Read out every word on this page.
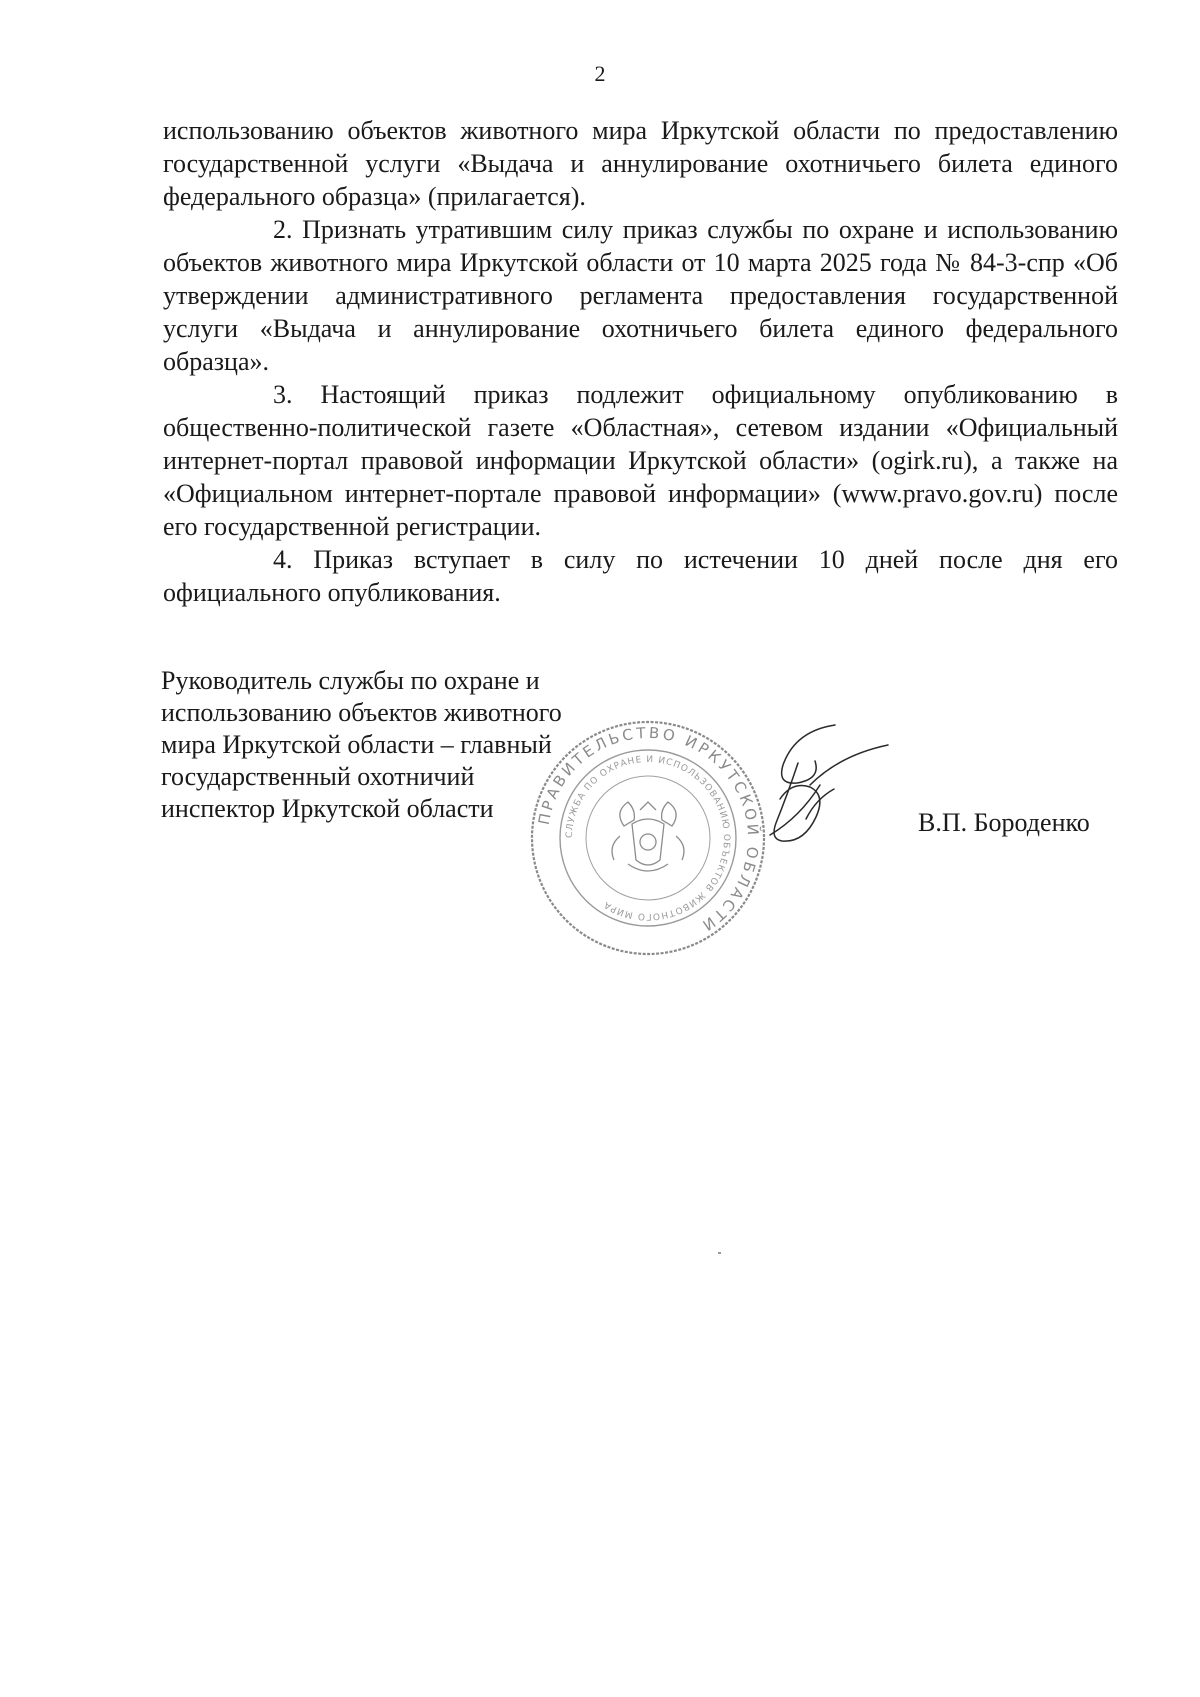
2

использованию объектов животного мира Иркутской области по предоставлению государственной услуги «Выдача и аннулирование охотничьего билета единого федерального образца» (прилагается).

2. Признать утратившим силу приказ службы по охране и использованию объектов животного мира Иркутской области от 10 марта 2025 года № 84-3-спр «Об утверждении административного регламента предоставления государственной услуги «Выдача и аннулирование охотничьего билета единого федерального образца».

3. Настоящий приказ подлежит официальному опубликованию в общественно-политической газете «Областная», сетевом издании «Официальный интернет-портал правовой информации Иркутской области» (ogirk.ru), а также на «Официальном интернет-портале правовой информации» (www.pravo.gov.ru) после его государственной регистрации.

4. Приказ вступает в силу по истечении 10 дней после дня его официального опубликования.

Руководитель службы по охране и
использованию объектов животного
мира Иркутской области – главный
государственный охотничий
инспектор Иркутской области	В.П. Бороденко
ПРАВИТЕЛЬСТВО ИРКУТСКОЙ ОБЛАСТИ
СЛУЖБА ПО ОХРАНЕ И ИСПОЛЬЗОВАНИЮ ОБЪЕКТОВ ЖИВОТНОГО МИРА
